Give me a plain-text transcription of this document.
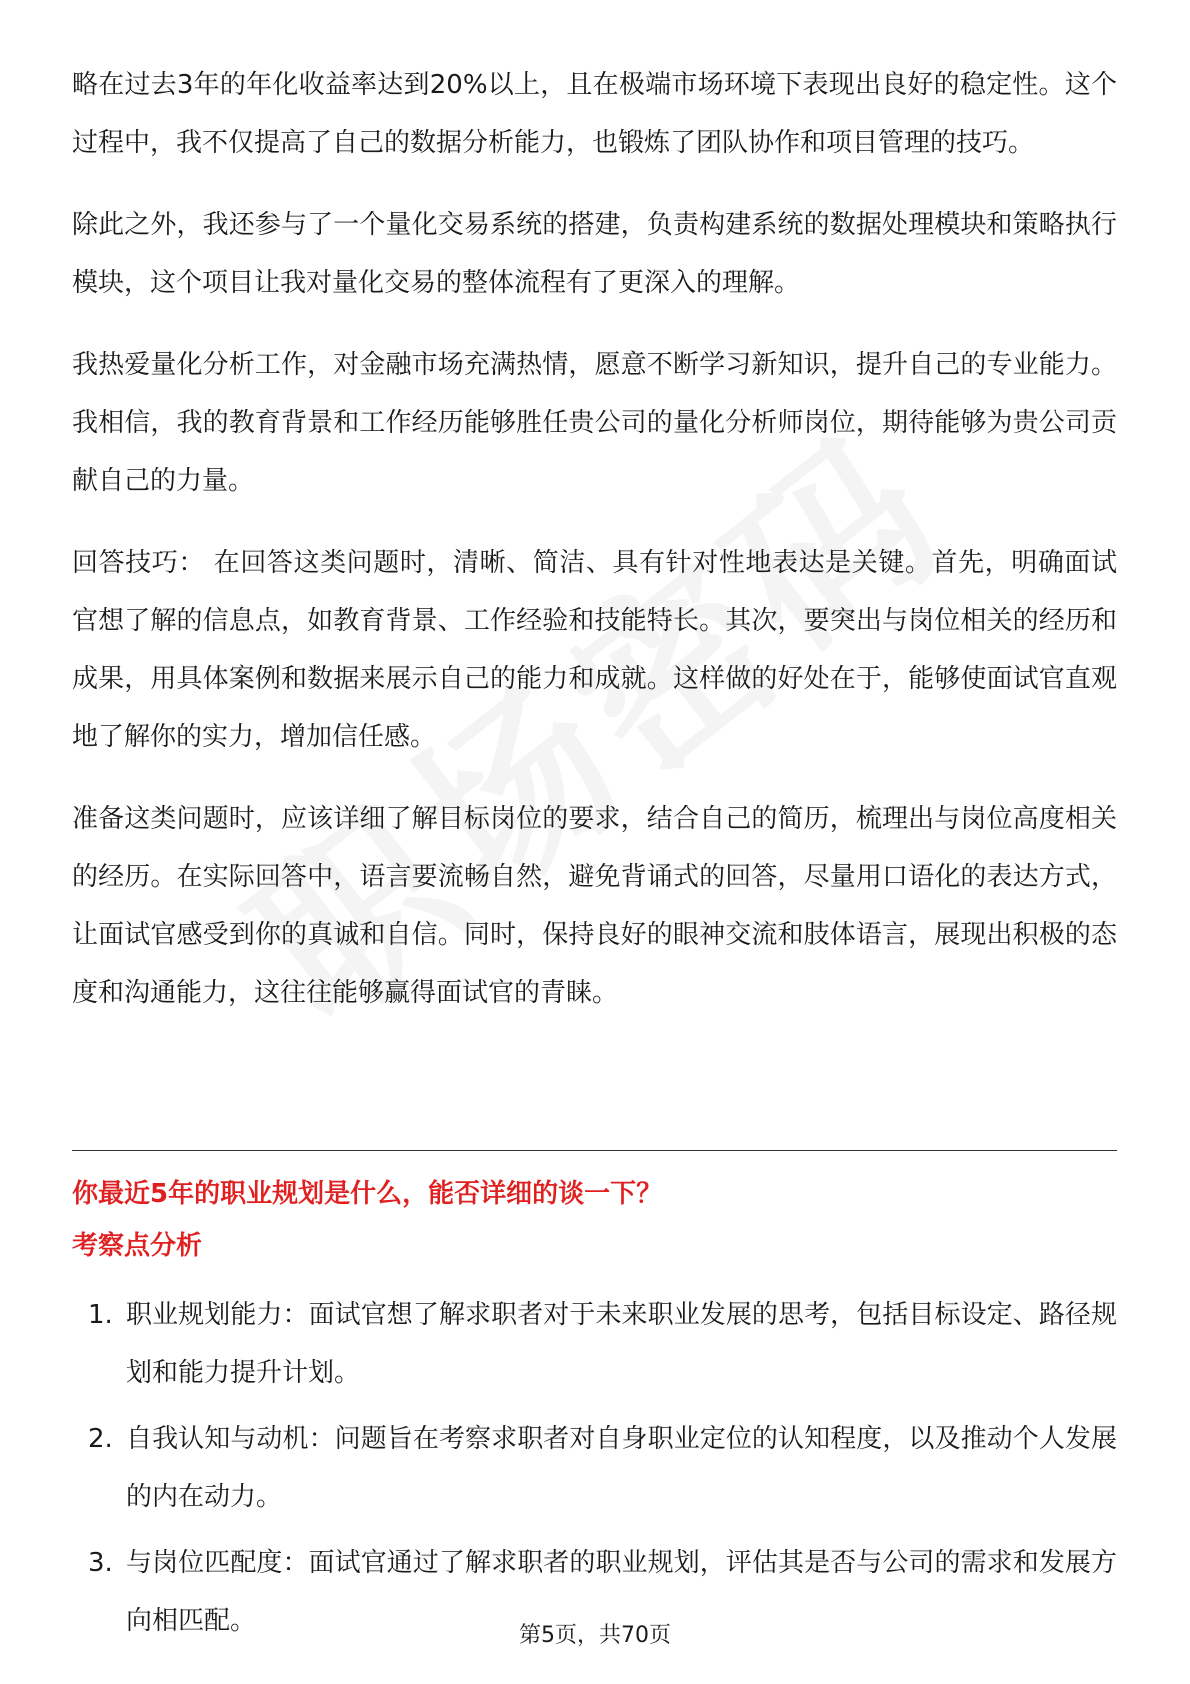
略在过去3年的年化收益率达到20%以上，且在极端市场环境下表现出良好的稳定性。这个过程中，我不仅提高了自己的数据分析能力，也锻炼了团队协作和项目管理的技巧。

除此之外，我还参与了一个量化交易系统的搭建，负责构建系统的数据处理模块和策略执行模块，这个项目让我对量化交易的整体流程有了更深入的理解。

我热爱量化分析工作，对金融市场充满热情，愿意不断学习新知识，提升自己的专业能力。我相信，我的教育背景和工作经历能够胜任贵公司的量化分析师岗位，期待能够为贵公司贡献自己的力量。

回答技巧： 在回答这类问题时，清晰、简洁、具有针对性地表达是关键。首先，明确面试官想了解的信息点，如教育背景、工作经验和技能特长。其次，要突出与岗位相关的经历和成果，用具体案例和数据来展示自己的能力和成就。这样做的好处在于，能够使面试官直观地了解你的实力，增加信任感。

准备这类问题时，应该详细了解目标岗位的要求，结合自己的简历，梳理出与岗位高度相关的经历。在实际回答中，语言要流畅自然，避免背诵式的回答，尽量用口语化的表达方式，让面试官感受到你的真诚和自信。同时，保持良好的眼神交流和肢体语言，展现出积极的态度和沟通能力，这往往能够赢得面试官的青睐。

你最近5年的职业规划是什么，能否详细的谈一下？

考察点分析

1. 职业规划能力：面试官想了解求职者对于未来职业发展的思考，包括目标设定、路径规划和能力提升计划。
2. 自我认知与动机：问题旨在考察求职者对自身职业定位的认知程度，以及推动个人发展的内在动力。
3. 与岗位匹配度：面试官通过了解求职者的职业规划，评估其是否与公司的需求和发展方向相匹配。	第5页，共70页
